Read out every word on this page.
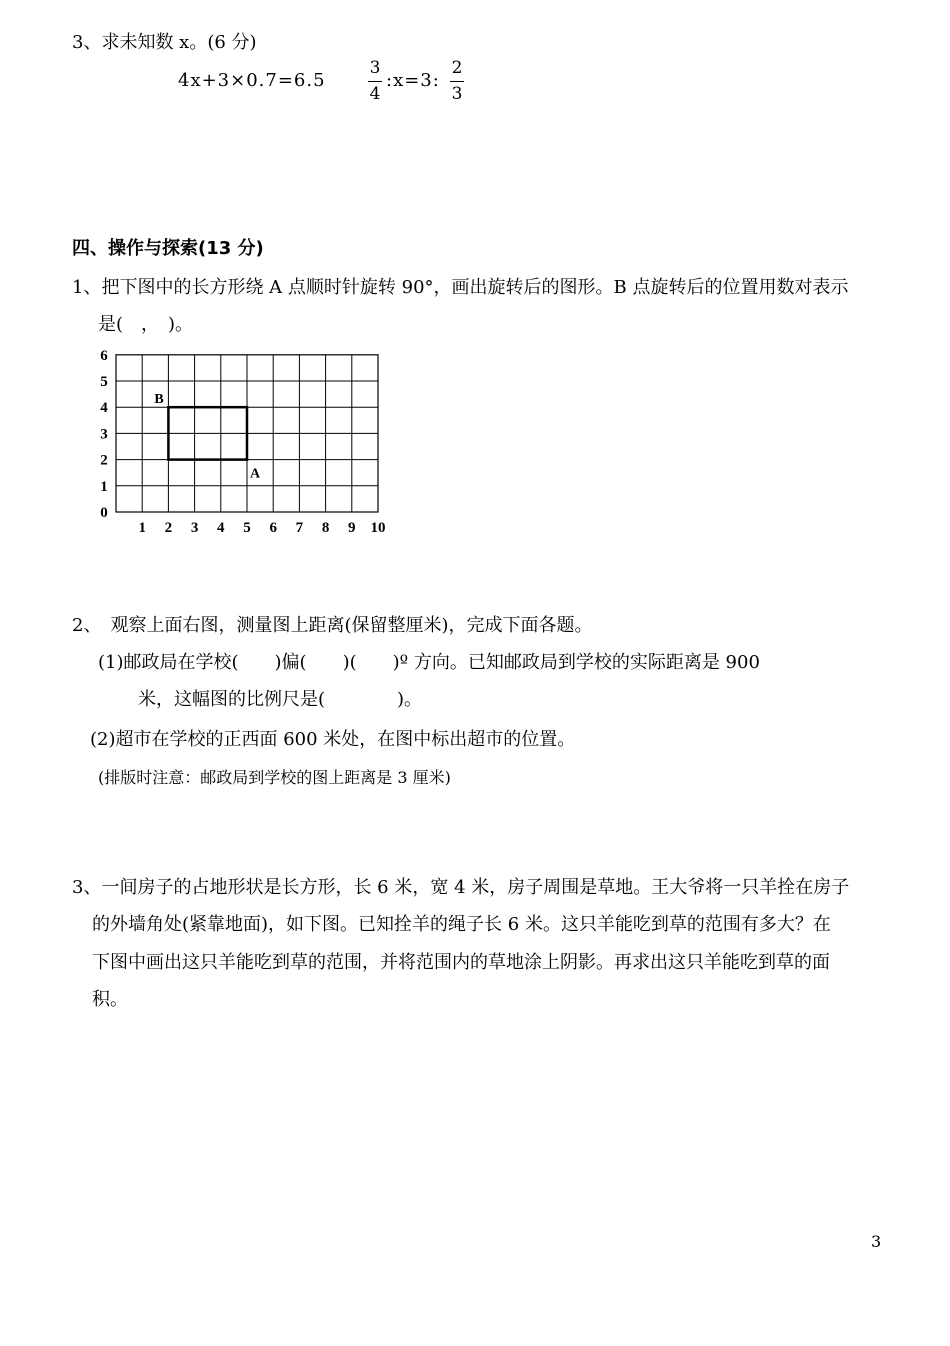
3、求未知数 x。(6 分)
4x+3×0.7=6.5
3
4
:x=3:
2
3
四、操作与探索(13 分)
1、把下图中的长方形绕 A 点顺时针旋转 90°，画出旋转后的图形。B 点旋转后的位置用数对表示
是(　，　)。
1 2 3 4 5 6 7 8 9 10
0
1
2
3
4
5
6
B
A
2、　观察上面右图，测量图上距离(保留整厘米)，完成下面各题。
(1)邮政局在学校(　　)偏(　　)(　　)º 方向。已知邮政局到学校的实际距离是 900
米，这幅图的比例尺是(　　　　)。
(2)超市在学校的正西面 600 米处，在图中标出超市的位置。
(排版时注意：邮政局到学校的图上距离是 3 厘米)
3、一间房子的占地形状是长方形，长 6 米，宽 4 米，房子周围是草地。王大爷将一只羊拴在房子
的外墙角处(紧靠地面)，如下图。已知拴羊的绳子长 6 米。这只羊能吃到草的范围有多大？在
下图中画出这只羊能吃到草的范围，并将范围内的草地涂上阴影。再求出这只羊能吃到草的面
积。
3
